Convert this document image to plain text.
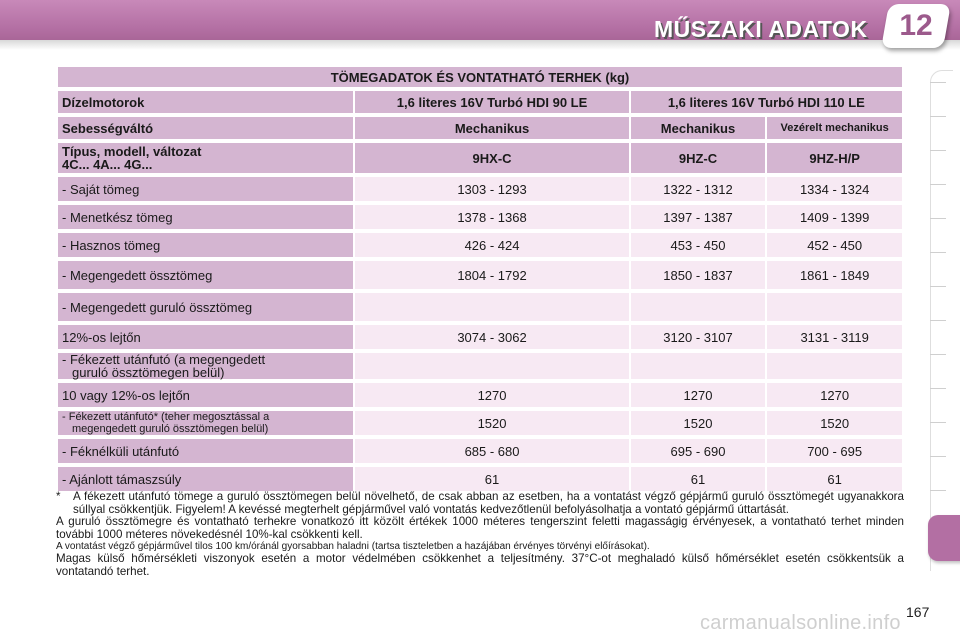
MŰSZAKI ADATOK	12
TÖMEGADATOK ÉS VONTATHATÓ TERHEK (kg)			
Dízelmotorok	1,6 literes 16V Turbó HDI 90 LE	1,6 literes 16V Turbó HDI 110 LE	
Sebességváltó	Mechanikus	Mechanikus	Vezérelt mechanikus
Típus, modell, változat
4C... 4A... 4G...	9HX-C	9HZ-C	9HZ-H/P
- Saját tömeg	1303 - 1293	1322 - 1312	1334 - 1324
- Menetkész tömeg	1378 - 1368	1397 - 1387	1409 - 1399
- Hasznos tömeg	426 - 424	453 - 450	452 - 450
- Megengedett össztömeg	1804 - 1792	1850 - 1837	1861 - 1849
- Megengedett guruló össztömeg			
12%-os lejtőn	3074 - 3062	3120 - 3107	3131 - 3119
- Fékezett utánfutó (a megengedett
guruló össztömegen belül)			

10 vagy 12%-os lejtőn	1270	1270	1270
- Fékezett utánfutó* (teher megosztással a
megengedett guruló össztömegen belül)	1520	1520	1520
- Féknélküli utánfutó	685 - 680	695 - 690	700 - 695
- Ajánlott támaszsúly	61	61	61

* A fékezett utánfutó tömege a guruló össztömegen belül növelhető, de csak abban az esetben, ha a vontatást végző gépjármű guruló össztömegét ugyanakkora súllyal csökkentjük. Figyelem! A kevéssé megterhelt gépjárművel való vontatás kedvezőtlenül befolyásolhatja a vontató gépjármű úttartását.

A guruló össztömegre és vontatható terhekre vonatkozó itt közölt értékek 1000 méteres tengerszint feletti magasságig érvényesek, a vontatható terhet minden további 1000 méteres növekedésnél 10%-kal csökkenti kell.

A vontatást végző gépjárművel tilos 100 km/óránál gyorsabban haladni (tartsa tiszteletben a hazájában érvényes törvényi előírásokat).

Magas külső hőmérsékleti viszonyok esetén a motor védelmében csökkenhet a teljesítmény. 37°C-ot meghaladó külső hőmérséklet esetén csökkentsük a vontatandó terhet.

carmanualsonline.info 167
